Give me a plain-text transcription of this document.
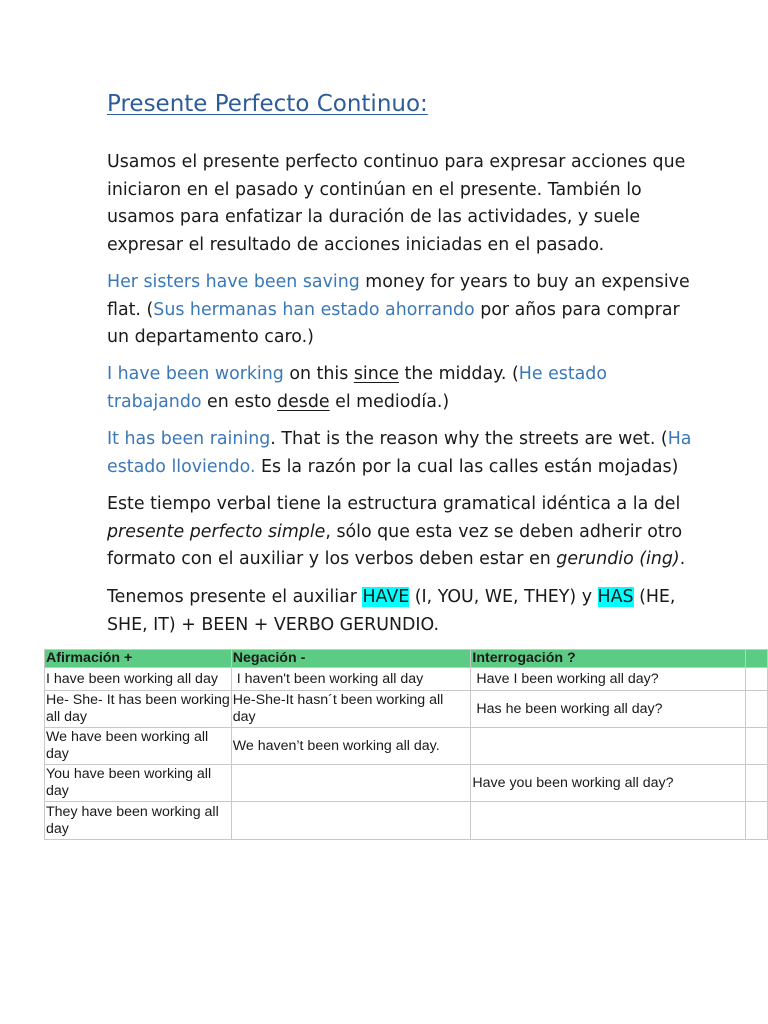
Presente Perfecto Continuo:

Usamos el presente perfecto continuo para expresar acciones que
iniciaron en el pasado y continúan en el presente. También lo
usamos para enfatizar la duración de las actividades, y suele
expresar el resultado de acciones iniciadas en el pasado.

Her sisters have been saving money for years to buy an expensive
flat. (Sus hermanas han estado ahorrando por años para comprar
un departamento caro.)

I have been working on this since the midday. (He estado
trabajando en esto desde el mediodía.)

It has been raining. That is the reason why the streets are wet. (Ha
estado lloviendo. Es la razón por la cual las calles están mojadas)

Este tiempo verbal tiene la estructura gramatical idéntica a la del
presente perfecto simple, sólo que esta vez se deben adherir otro
formato con el auxiliar y los verbos deben estar en gerundio (ing).

Tenemos presente el auxiliar HAVE (I, YOU, WE, THEY) y HAS (HE,
SHE, IT) + BEEN + VERBO GERUNDIO.

Afirmación +	Negación -	Interrogación ?	
I have been working all day	I haven't been working all day	Have I been working all day?	
He- She- It has been working all day	He-She-It hasn´t been working all day	Has he been working all day?	
We have been working all day	We haven’t been working all day.		
You have been working all day		Have you been working all day?	
They have been working all day			
